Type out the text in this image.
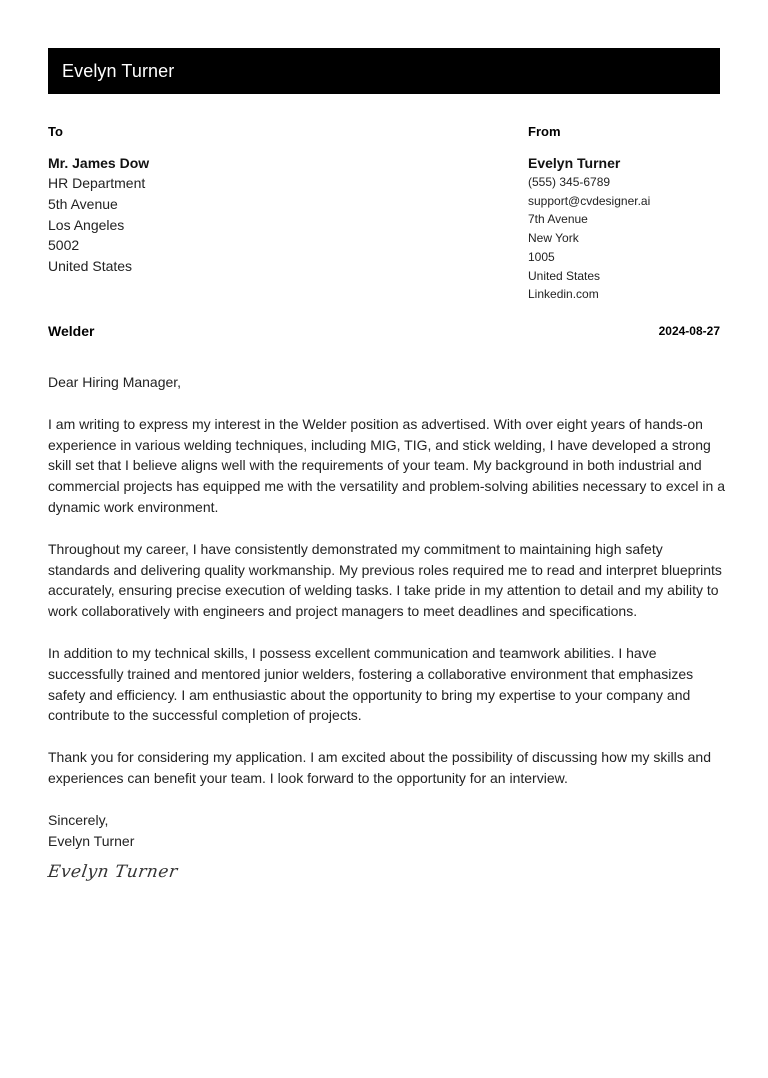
Evelyn Turner
To
Mr. James Dow
HR Department
5th Avenue
Los Angeles
5002
United States
From
Evelyn Turner
(555) 345-6789
support@cvdesigner.ai
7th Avenue
New York
1005
United States
Linkedin.com
Welder	2024-08-27

Dear Hiring Manager,

I am writing to express my interest in the Welder position as advertised. With over eight years of hands-on experience in various welding techniques, including MIG, TIG, and stick welding, I have developed a strong skill set that I believe aligns well with the requirements of your team. My background in both industrial and commercial projects has equipped me with the versatility and problem-solving abilities necessary to excel in a dynamic work environment.

Throughout my career, I have consistently demonstrated my commitment to maintaining high safety standards and delivering quality workmanship. My previous roles required me to read and interpret blueprints accurately, ensuring precise execution of welding tasks. I take pride in my attention to detail and my ability to work collaboratively with engineers and project managers to meet deadlines and specifications.

In addition to my technical skills, I possess excellent communication and teamwork abilities. I have successfully trained and mentored junior welders, fostering a collaborative environment that emphasizes safety and efficiency. I am enthusiastic about the opportunity to bring my expertise to your company and contribute to the successful completion of projects.

Thank you for considering my application. I am excited about the possibility of discussing how my skills and experiences can benefit your team. I look forward to the opportunity for an interview.

Sincerely,

Evelyn Turner

Evelyn Turner
